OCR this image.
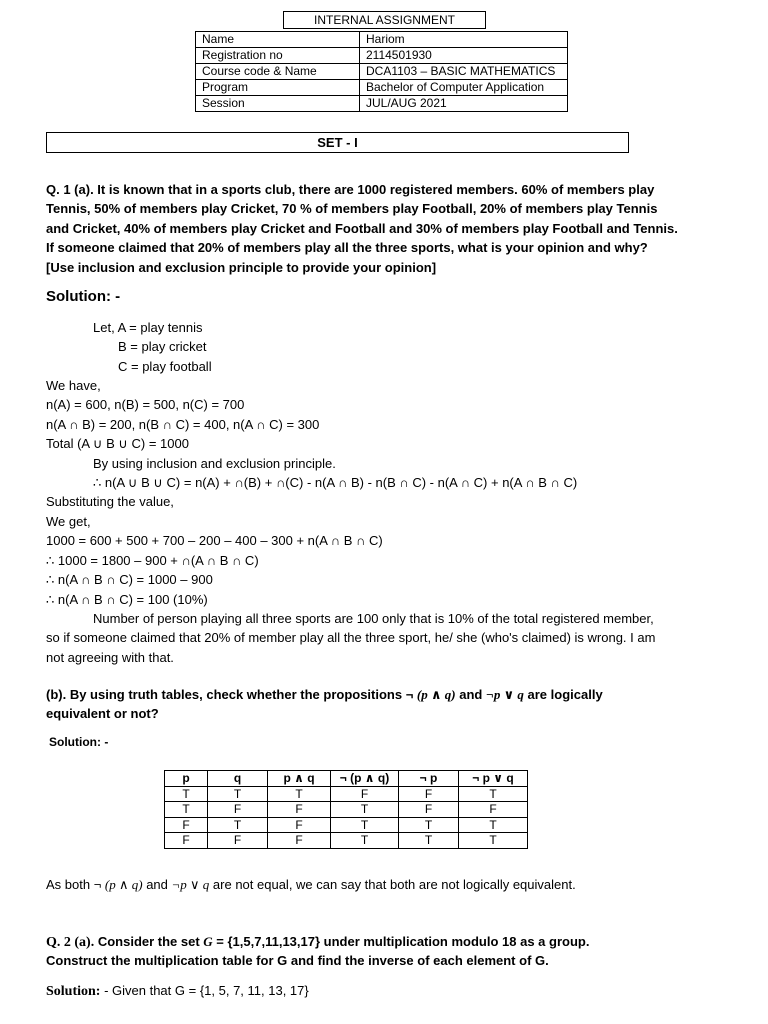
INTERNAL ASSIGNMENT
Name	Hariom
Registration no	2114501930
Course code & Name	DCA1103 – BASIC MATHEMATICS
Program	Bachelor of Computer Application
Session	JUL/AUG 2021
SET - I
Q. 1 (a). It is known that in a sports club, there are 1000 registered members. 60% of members play Tennis, 50% of members play Cricket, 70 % of members play Football, 20% of members play Tennis and Cricket, 40% of members play Cricket and Football and 30% of members play Football and Tennis. If someone claimed that 20% of members play all the three sports, what is your opinion and why? [Use inclusion and exclusion principle to provide your opinion]
Solution: -
Let, A = play tennis
B = play cricket
C = play football
We have,
n(A) = 600, n(B) = 500, n(C) = 700
n(A ∩ B) = 200, n(B ∩ C) = 400, n(A ∩ C) = 300
Total (A ∪ B ∪ C) = 1000
By using inclusion and exclusion principle.
∴ n(A ∪ B ∪ C) = n(A) + ∩(B) + ∩(C) - n(A ∩ B) - n(B ∩ C) - n(A ∩ C) + n(A ∩ B ∩ C)
Substituting the value,
We get,
1000 = 600 + 500 + 700 – 200 – 400 – 300 + n(A ∩ B ∩ C)
∴ 1000 = 1800 – 900 + ∩(A ∩ B ∩ C)
∴ n(A ∩ B ∩ C) = 1000 – 900
∴ n(A ∩ B ∩ C) = 100 (10%)
Number of person playing all three sports are 100 only that is 10% of the total registered member, so if someone claimed that 20% of member play all the three sport, he/ she (who's claimed) is wrong. I am not agreeing with that.
(b). By using truth tables, check whether the propositions ¬ (p ∧ q) and ¬p ∨ q are logically equivalent or not?
Solution: -
p	q	p ∧ q	¬ (p ∧ q)	¬ p	¬ p ∨ q
T	T	T	F	F	T
T	F	F	T	F	F
F	T	F	T	T	T
F	F	F	T	T	T
As both ¬ (p ∧ q) and ¬p ∨ q are not equal, we can say that both are not logically equivalent.
Q. 2 (a). Consider the set G = {1,5,7,11,13,17} under multiplication modulo 18 as a group.
Construct the multiplication table for G and find the inverse of each element of G.
Solution: - Given that G = {1, 5, 7, 11, 13, 17}
